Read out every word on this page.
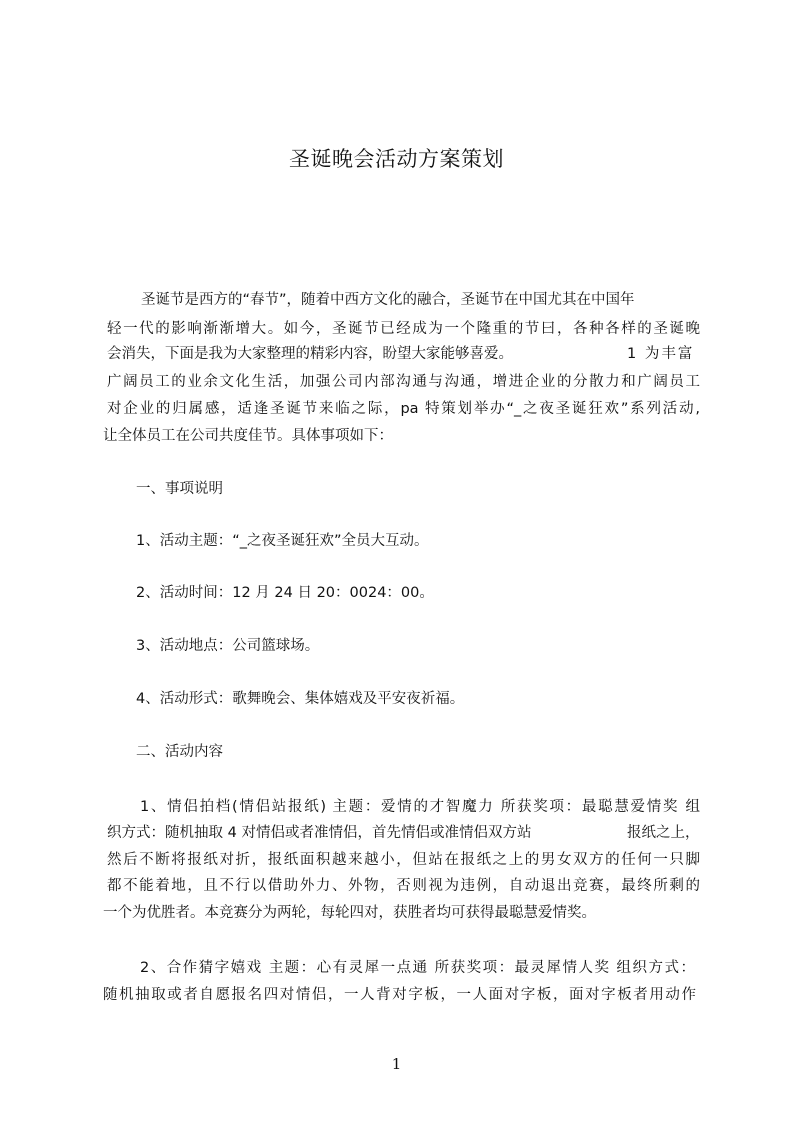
圣诞晚会活动方案策划
圣诞节是西方的“春节”，随着中西方文化的融合，圣诞节在中国尤其在中国年
轻一代的影响渐渐增大。如今，圣诞节已经成为一个隆重的节曰，各种各样的圣诞晚
会消失，下面是我为大家整理的精彩内容，盼望大家能够喜爱。	1 为丰富
广阔员工的业余文化生活，加强公司内部沟通与沟通，增进企业的分散力和广阔员工
对企业的归属感，适逢圣诞节来临之际，pa 特策划举办“_之夜圣诞狂欢”系列活动,
让全体员工在公司共度佳节。具体事项如下：
一、事项说明
1、活动主题：“_之夜圣诞狂欢”全员大互动。
2、活动时间：12 月 24 日 20：0024：00。
3、活动地点：公司篮球场。
4、活动形式：歌舞晚会、集体嬉戏及平安夜祈福。
二、活动内容
1、情侣拍档(情侣站报纸) 主题：爱情的才智魔力 所获奖项：最聪慧爱情奖 组
织方式：随机抽取 4 对情侣或者准情侣，首先情侣或准情侣双方站	报纸之上，
然后不断将报纸对折，报纸面积越来越小，但站在报纸之上的男女双方的任何一只脚
都不能着地，且不行以借助外力、外物，否则视为违例，自动退出竞赛，最终所剩的
一个为优胜者。本竞赛分为两轮，每轮四对，获胜者均可获得最聪慧爱情奖。
2、合作猜字嬉戏 主题：心有灵犀一点通 所获奖项：最灵犀情人奖 组织方式：
随机抽取或者自愿报名四对情侣，一人背对字板，一人面对字板，面对字板者用动作
1
